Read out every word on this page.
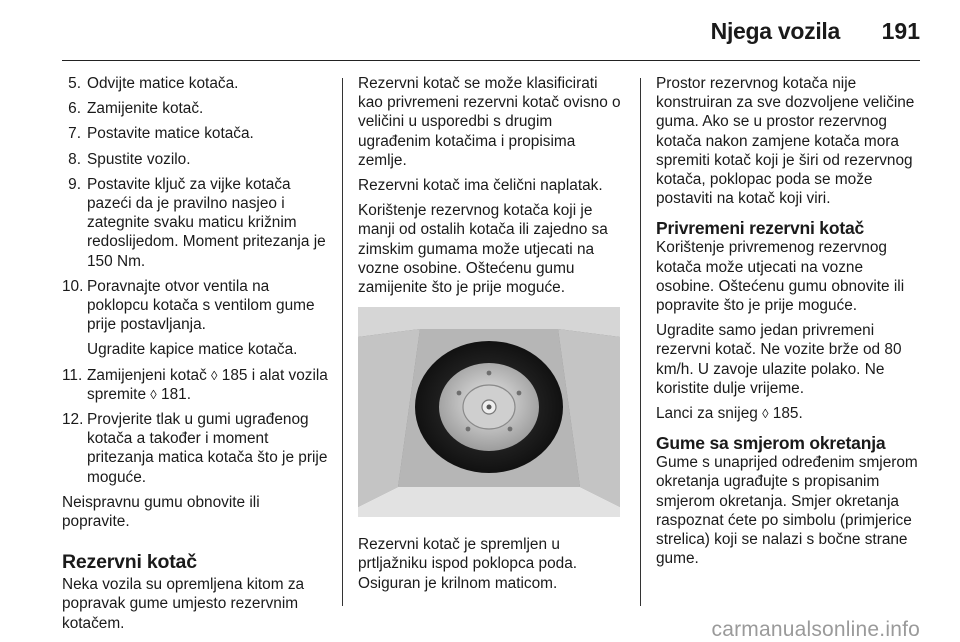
Njega vozila 191
5. Odvijte matice kotača.
6. Zamijenite kotač.
7. Postavite matice kotača.
8. Spustite vozilo.
9. Postavite ključ za vijke kotača pazeći da je pravilno nasjeo i zategnite svaku maticu križnim redoslijedom. Moment pritezanja je 150 Nm.
10. Poravnajte otvor ventila na poklopcu kotača s ventilom gume prije postavljanja.
Ugradite kapice matice kotača.
11. Zamijenjeni kotač ◊ 185 i alat vozila spremite ◊ 181.
12. Provjerite tlak u gumi ugrađenog kotača a također i moment pritezanja matica kotača što je prije moguće.

Neispravnu gumu obnovite ili popravite.

Rezervni kotač

Neka vozila su opremljena kitom za popravak gume umjesto rezervnim kotačem.

Rezervni kotač se može klasificirati kao privremeni rezervni kotač ovisno o veličini u usporedbi s drugim ugrađenim kotačima i propisima zemlje.

Rezervni kotač ima čelični naplatak.

Korištenje rezervnog kotača koji je manji od ostalih kotača ili zajedno sa zimskim gumama može utjecati na vozne osobine. Oštećenu gumu zamijenite što je prije moguće.

Rezervni kotač je spremljen u prtljažniku ispod poklopca poda. Osiguran je krilnom maticom.

Prostor rezervnog kotača nije konstruiran za sve dozvoljene veličine guma. Ako se u prostor rezervnog kotača nakon zamjene kotača mora spremiti kotač koji je širi od rezervnog kotača, poklopac poda se može postaviti na kotač koji viri.

Privremeni rezervni kotač

Korištenje privremenog rezervnog kotača može utjecati na vozne osobine. Oštećenu gumu obnovite ili popravite što je prije moguće.

Ugradite samo jedan privremeni rezervni kotač. Ne vozite brže od 80 km/h. U zavoje ulazite polako. Ne koristite dulje vrijeme.

Lanci za snijeg ◊ 185.

Gume sa smjerom okretanja

Gume s unaprijed određenim smjerom okretanja ugrađujte s propisanim smjerom okretanja. Smjer okretanja raspoznat ćete po simbolu (primjerice strelica) koji se nalazi s bočne strane gume.

carmanualsonline.info
